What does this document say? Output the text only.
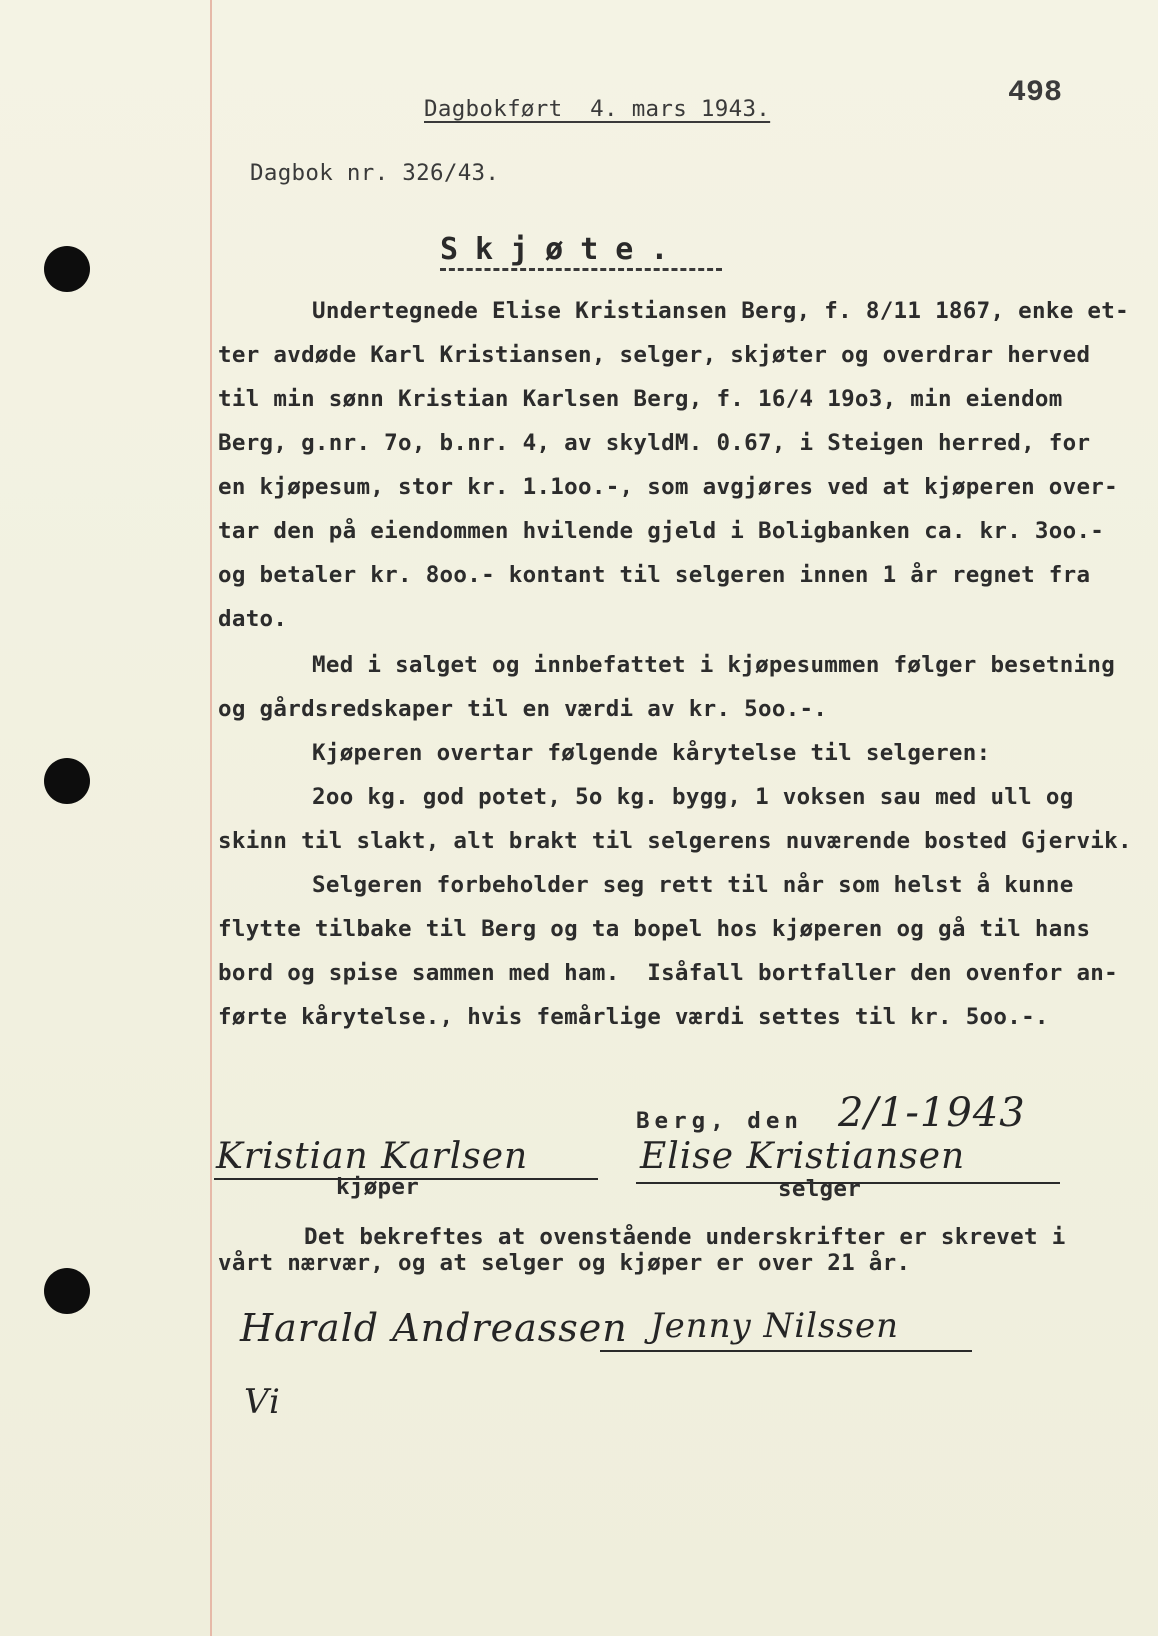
498
Dagbokført  4. mars 1943.
Dagbok nr. 326/43.
Skjøte.
Undertegnede Elise Kristiansen Berg, f. 8/11 1867, enke et-
ter avdøde Karl Kristiansen, selger, skjøter og overdrar herved
til min sønn Kristian Karlsen Berg, f. 16/4 19o3, min eiendom
Berg, g.nr. 7o, b.nr. 4, av skyldM. 0.67, i Steigen herred, for
en kjøpesum, stor kr. 1.1oo.-, som avgjøres ved at kjøperen over-
tar den på eiendommen hvilende gjeld i Boligbanken ca. kr. 3oo.-
og betaler kr. 8oo.- kontant til selgeren innen 1 år regnet fra
dato.
Med i salget og innbefattet i kjøpesummen følger besetning
og gårdsredskaper til en værdi av kr. 5oo.-.
Kjøperen overtar følgende kårytelse til selgeren:
2oo kg. god potet, 5o kg. bygg, 1 voksen sau med ull og
skinn til slakt, alt brakt til selgerens nuværende bosted Gjervik.
Selgeren forbeholder seg rett til når som helst å kunne
flytte tilbake til Berg og ta bopel hos kjøperen og gå til hans
bord og spise sammen med ham.  Isåfall bortfaller den ovenfor an-
førte kårytelse., hvis femårlige værdi settes til kr. 5oo.-.
Berg, den 2/1-1943
Kristian Karlsen
kjøper
Elise Kristiansen
selger
Det bekreftes at ovenstående underskrifter er skrevet i
vårt nærvær, og at selger og kjøper er over 21 år.
Harald Andreassen Jenny Nilssen
Vi
